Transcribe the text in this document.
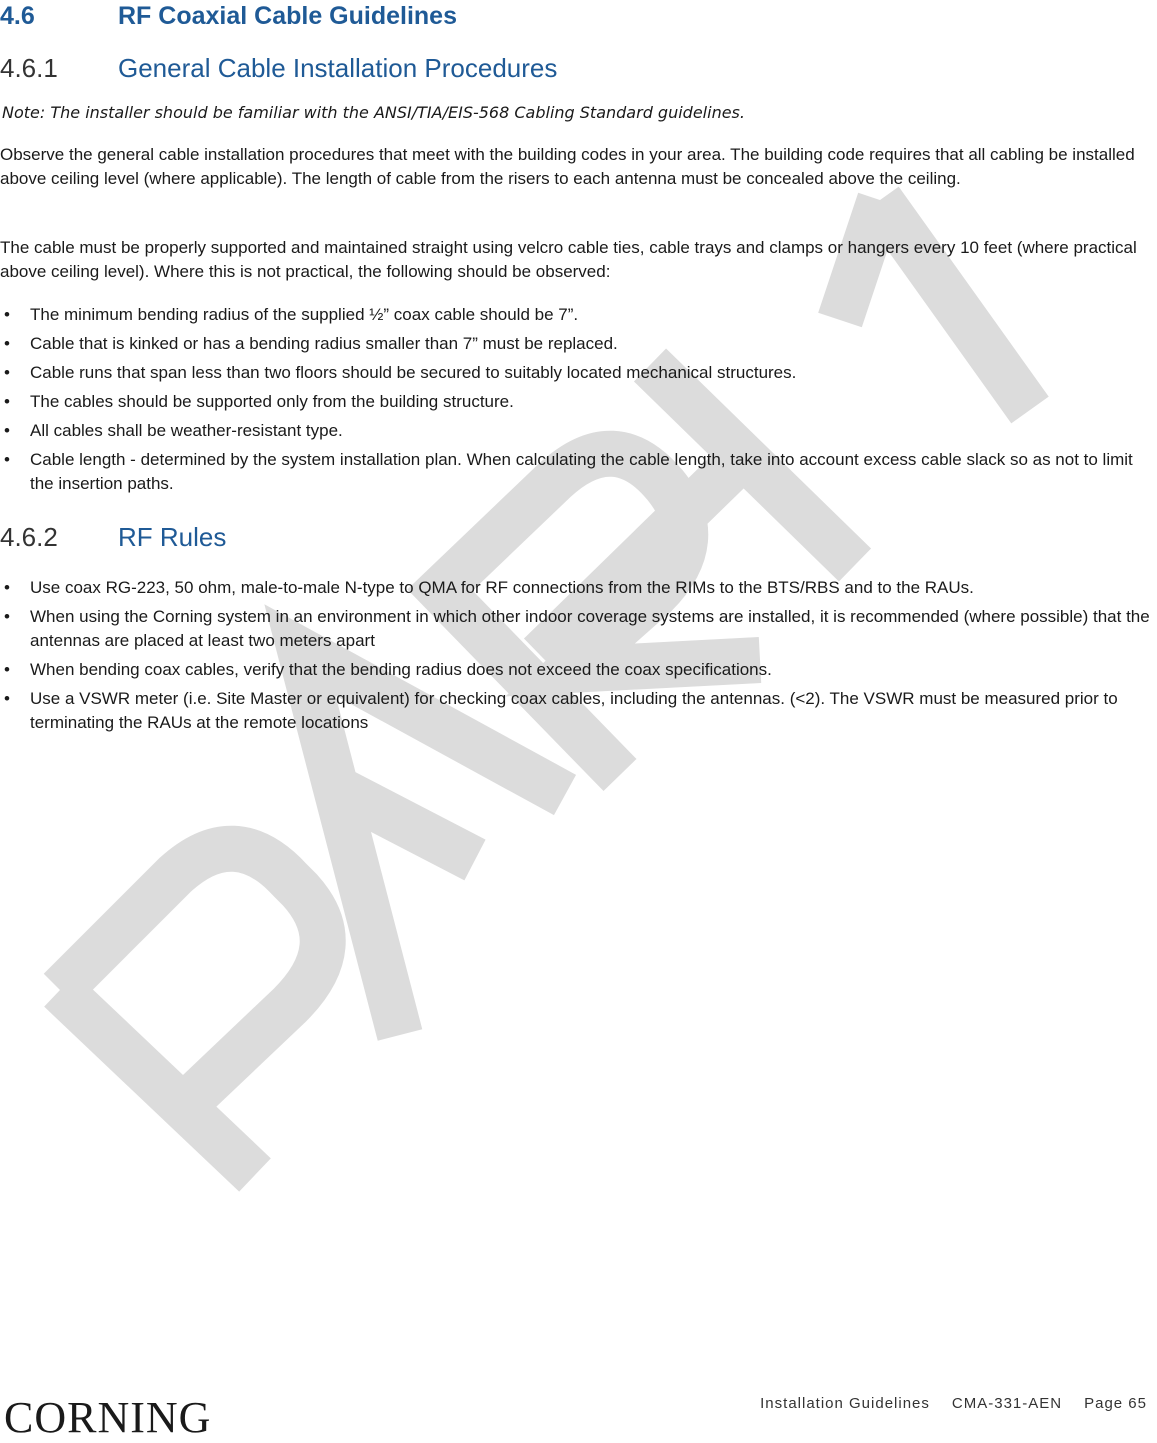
4.6	RF Coaxial Cable Guidelines
4.6.1 General Cable Installation Procedures
Note: The installer should be familiar with the ANSI/TIA/EIS-568 Cabling Standard guidelines.

Observe the general cable installation procedures that meet with the building codes in your area. The building code requires that all cabling be installed above ceiling level (where applicable). The length of cable from the risers to each antenna must be concealed above the ceiling.

The cable must be properly supported and maintained straight using velcro cable ties, cable trays and clamps or hangers every 10 feet (where practical above ceiling level). Where this is not practical, the following should be observed:

• The minimum bending radius of the supplied ½” coax cable should be 7”.
• Cable that is kinked or has a bending radius smaller than 7” must be replaced.
• Cable runs that span less than two floors should be secured to suitably located mechanical structures.
• The cables should be supported only from the building structure.
• All cables shall be weather-resistant type.
• Cable length - determined by the system installation plan. When calculating the cable length, take into account excess cable slack so as not to limit the insertion paths.
4.6.2 RF Rules
• Use coax RG-223, 50 ohm, male-to-male N-type to QMA for RF connections from the RIMs to the BTS/RBS and to the RAUs.
• When using the Corning system in an environment in which other indoor coverage systems are installed, it is recommended (where possible) that the antennas are placed at least two meters apart
• When bending coax cables, verify that the bending radius does not exceed the coax specifications.
• Use a VSWR meter (i.e. Site Master or equivalent) for checking coax cables, including the antennas. (<2). The VSWR must be measured prior to terminating the RAUs at the remote locations
CORNING	Installation Guidelines CMA-331-AEN Page 65
